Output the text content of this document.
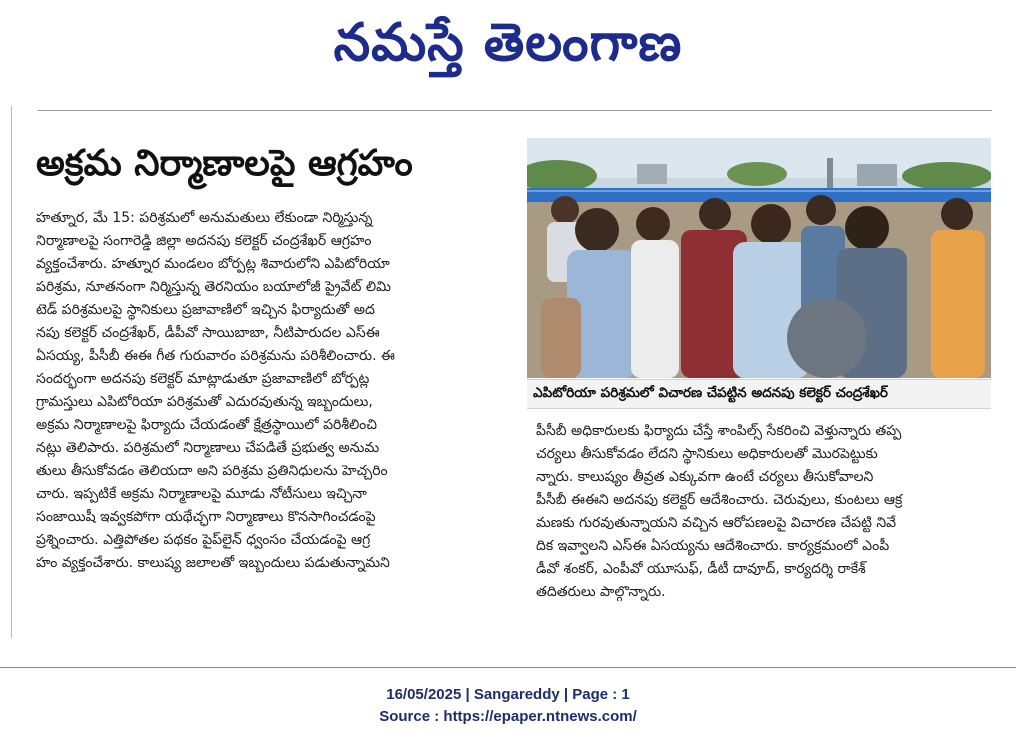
నమస్తే తెలంగాణ
అక్రమ నిర్మాణాలపై ఆగ్రహం
హత్నూర, మే 15: పరిశ్రమలో అనుమతులు లేకుండా నిర్మిస్తున్న
నిర్మాణాలపై సంగారెడ్డి జిల్లా అదనపు కలెక్టర్ చంద్రశేఖర్ ఆగ్రహం
వ్యక్తంచేశారు. హత్నూర మండలం బోర్పట్ల శివారులోని ఎపిటోరియా
పరిశ్రమ, నూతనంగా నిర్మిస్తున్న తెరనియం బయాలోజీ ప్రైవేట్ లిమి
టెడ్ పరిశ్రమలపై స్థానికులు ప్రజావాణిలో ఇచ్చిన ఫిర్యాదుతో అద
నపు కలెక్టర్ చంద్రశేఖర్, డీపీవో సాయిబాబా, నీటిపారుదల ఎస్ఈ
ఏసయ్య, పీసీబీ ఈఈ గీత గురువారం పరిశ్రమను పరిశీలించారు. ఈ
సందర్భంగా అదనపు కలెక్టర్ మాట్లాడుతూ ప్రజావాణిలో బోర్పట్ల
గ్రామస్తులు ఎపిటోరియా పరిశ్రమతో ఎదురవుతున్న ఇబ్బందులు,
అక్రమ నిర్మాణాలపై ఫిర్యాదు చేయడంతో క్షేత్రస్థాయిలో పరిశీలించి
నట్లు తెలిపారు. పరిశ్రమలో నిర్మాణాలు చేపడితే ప్రభుత్వ అనుమ
తులు తీసుకోవడం తెలియదా అని పరిశ్రమ ప్రతినిధులను హెచ్చరిం
చారు. ఇప్పటికే అక్రమ నిర్మాణాలపై మూడు నోటీసులు ఇచ్చినా
సంజాయిషీ ఇవ్వకపోగా యథేచ్ఛగా నిర్మాణాలు కొనసాగించడంపై
ప్రశ్నించారు. ఎత్తిపోతల పథకం పైప్‌లైన్ ధ్వంసం చేయడంపై ఆగ్ర
హం వ్యక్తంచేశారు. కాలుష్య జలాలతో ఇబ్బందులు పడుతున్నామని
ఎపిటోరియా పరిశ్రమలో విచారణ చేపట్టిన అదనపు కలెక్టర్ చంద్రశేఖర్
పీసీబీ అధికారులకు ఫిర్యాదు చేస్తే శాంపిల్స్ సేకరించి వెళ్తున్నారు తప్ప
చర్యలు తీసుకోవడం లేదని స్థానికులు అధికారులతో మొరపెట్టుకు
న్నారు. కాలుష్యం తీవ్రత ఎక్కువగా ఉంటే చర్యలు తీసుకోవాలని
పీసీబీ ఈఈని అదనపు కలెక్టర్ ఆదేశించారు. చెరువులు, కుంటలు ఆక్ర
మణకు గురవుతున్నాయని వచ్చిన ఆరోపణలపై విచారణ చేపట్టి నివే
దిక ఇవ్వాలని ఎస్ఈ ఏసయ్యను ఆదేశించారు. కార్యక్రమంలో ఎంపీ
డీవో శంకర్, ఎంపీవో యూసుఫ్, డీటీ దావూద్, కార్యదర్శి రాకేశ్
తదితరులు పాల్గొన్నారు.
16/05/2025 | Sangareddy | Page : 1
Source : https://epaper.ntnews.com/
